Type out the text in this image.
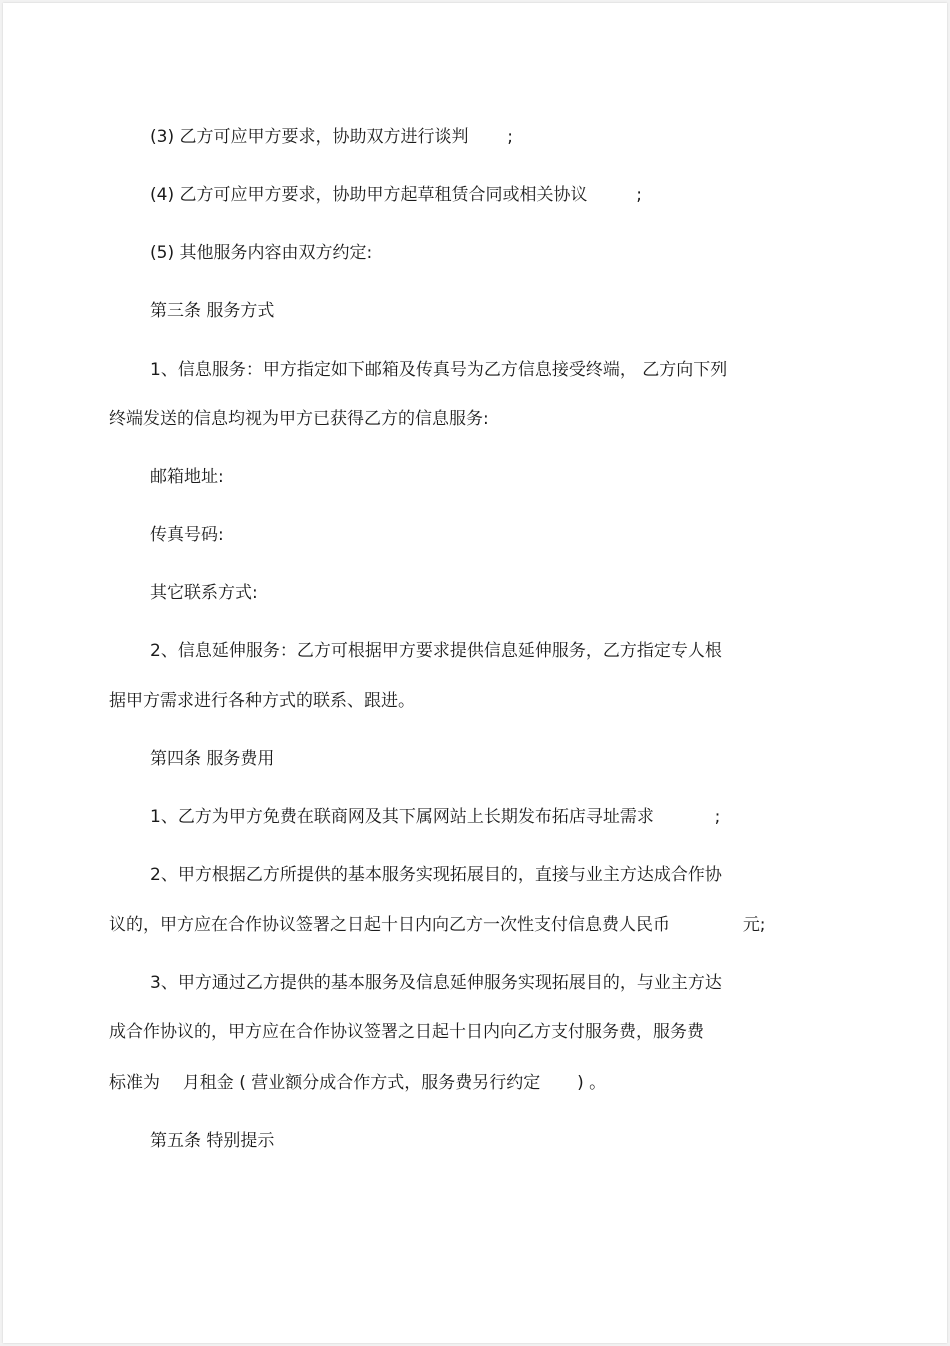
(3) 乙方可应甲方要求，协助双方进行谈判 ;
(4) 乙方可应甲方要求，协助甲方起草租赁合同或相关协议	;
(5) 其他服务内容由双方约定:
第三条 服务方式
1、信息服务：甲方指定如下邮箱及传真号为乙方信息接受终端， 乙方向下列
终端发送的信息均视为甲方已获得乙方的信息服务:
邮箱地址:
传真号码:
其它联系方式:
2、信息延伸服务：乙方可根据甲方要求提供信息延伸服务，乙方指定专人根
据甲方需求进行各种方式的联系、跟进。
第四条 服务费用
1、乙方为甲方免费在联商网及其下属网站上长期发布拓店寻址需求	;
2、甲方根据乙方所提供的基本服务实现拓展目的，直接与业主方达成合作协
议的，甲方应在合作协议签署之日起十日内向乙方一次性支付信息费人民币	元;
3、甲方通过乙方提供的基本服务及信息延伸服务实现拓展目的，与业主方达
成合作协议的，甲方应在合作协议签署之日起十日内向乙方支付服务费，服务费
标准为 月租金 ( 营业额分成合作方式，服务费另行约定 ) 。
第五条 特别提示
